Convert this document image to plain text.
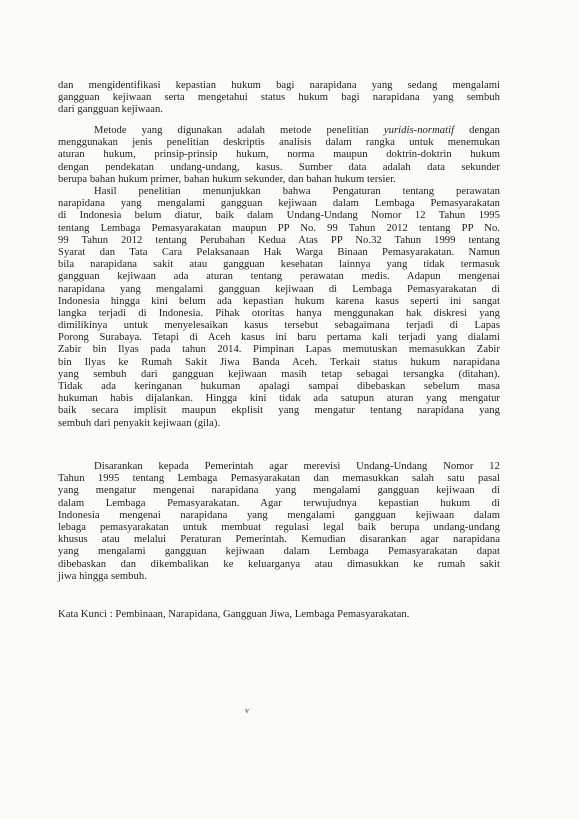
dan mengidentifikasi kepastian hukum bagi narapidana yang sedang mengalami
gangguan kejiwaan serta mengetahui status hukum bagi narapidana yang sembuh
dari gangguan kejiwaan.
Metode yang digunakan adalah metode penelitian yuridis-normatif dengan
menggunakan jenis penelitian deskriptis analisis dalam rangka untuk menemukan
aturan hukum, prinsip-prinsip hukum, norma maupun doktrin-doktrin hukum
dengan pendekatan undang-undang, kasus. Sumber data adalah data sekunder
berupa bahan hukum primer, bahan hukum sekunder, dan bahan hukum tersier.
Hasil penelitian menunjukkan bahwa Pengaturan tentang perawatan
narapidana yang mengalami gangguan kejiwaan dalam Lembaga Pemasyarakatan
di Indonesia belum diatur, baik dalam Undang-Undang Nomor 12 Tahun 1995
tentang Lembaga Pemasyarakatan maupun PP No. 99 Tahun 2012 tentang PP No.
99 Tahun 2012 tentang Perubahan Kedua Atas PP No.32 Tahun 1999 tentang
Syarat dan Tata Cara Pelaksanaan Hak Warga Binaan Pemasyarakatan. Namun
bila narapidana sakit atau gangguan kesehatan lainnya yang tidak termasuk
gangguan kejiwaan ada aturan tentang perawatan medis. Adapun mengenai
narapidana yang mengalami gangguan kejiwaan di Lembaga Pemasyarakatan di
Indonesia hingga kini belum ada kepastian hukum karena kasus seperti ini sangat
langka terjadi di Indonesia. Pihak otoritas hanya menggunakan hak diskresi yang
dimilikinya untuk menyelesaikan kasus tersebut sebagaimana terjadi di Lapas
Porong Surabaya. Tetapi di Aceh kasus ini baru pertama kali terjadi yang dialami
Zabir bin Ilyas pada tahun 2014. Pimpinan Lapas memutuskan memasukkan Zabir
bin Ilyas ke Rumah Sakit Jiwa Banda Aceh. Terkait status hukum narapidana
yang sembuh dari gangguan kejiwaan masih tetap sebagai tersangka (ditahan).
Tidak ada keringanan hukuman apalagi sampai dibebaskan sebelum masa
hukuman habis dijalankan. Hingga kini tidak ada satupun aturan yang mengatur
baik secara implisit maupun ekplisit yang mengatur tentang narapidana yang
sembuh dari penyakit kejiwaan (gila).
Disarankan kepada Pemerintah agar merevisi Undang-Undang Nomor 12
Tahun 1995 tentang Lembaga Pemasyarakatan dan memasukkan salah satu pasal
yang mengatur mengenai narapidana yang mengalami gangguan kejiwaan di
dalam Lembaga Pemasyarakatan. Agar terwujudnya kepastian hukum di
Indonesia mengenai narapidana yang mengalami gangguan kejiwaan dalam
lebaga pemasyarakatan untuk membuat regulasi legal baik berupa undang-undang
khusus atau melalui Peraturan Pemerintah. Kemudian disarankan agar narapidana
yang mengalami gangguan kejiwaan dalam Lembaga Pemasyarakatan dapat
dibebaskan dan dikembalikan ke keluarganya atau dimasukkan ke rumah sakit
jiwa hingga sembuh.
Kata Kunci : Pembinaan, Narapidana, Gangguan Jiwa, Lembaga Pemasyarakatan.
v
